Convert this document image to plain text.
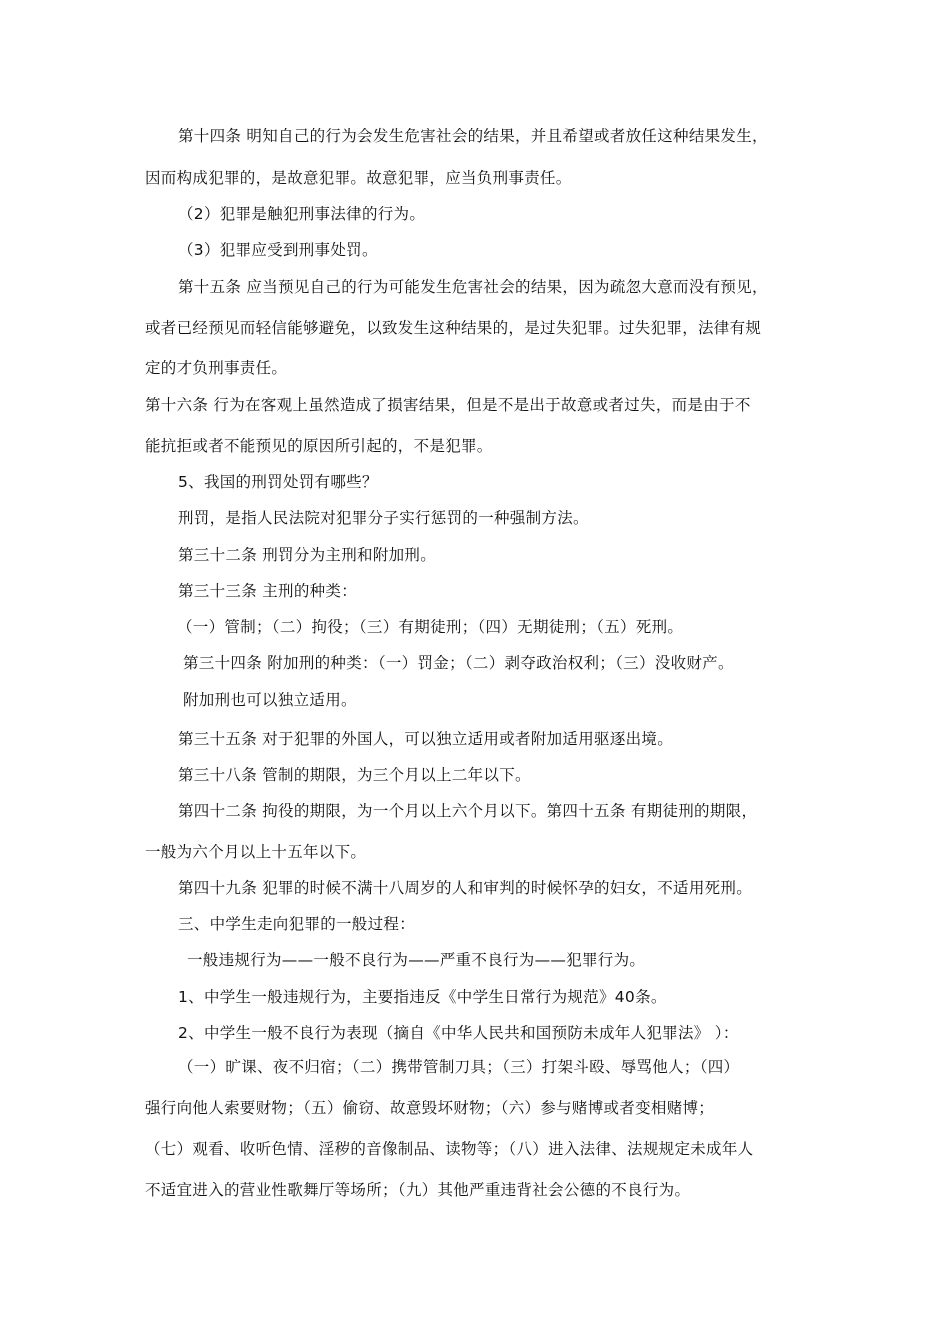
第十四条 明知自己的行为会发生危害社会的结果，并且希望或者放任这种结果发生，
因而构成犯罪的，是故意犯罪。故意犯罪，应当负刑事责任。
（2）犯罪是触犯刑事法律的行为。
（3）犯罪应受到刑事处罚。
第十五条 应当预见自己的行为可能发生危害社会的结果，因为疏忽大意而没有预见，
或者已经预见而轻信能够避免，以致发生这种结果的，是过失犯罪。过失犯罪，法律有规
定的才负刑事责任。
第十六条 行为在客观上虽然造成了损害结果，但是不是出于故意或者过失，而是由于不
能抗拒或者不能预见的原因所引起的，不是犯罪。
5、我国的刑罚处罚有哪些？
刑罚，是指人民法院对犯罪分子实行惩罚的一种强制方法。
第三十二条 刑罚分为主刑和附加刑。
第三十三条 主刑的种类：
（一）管制；（二）拘役；（三）有期徒刑；（四）无期徒刑；（五）死刑。
第三十四条 附加刑的种类：（一）罚金；（二）剥夺政治权利；（三）没收财产。
附加刑也可以独立适用。
第三十五条 对于犯罪的外国人，可以独立适用或者附加适用驱逐出境。
第三十八条 管制的期限，为三个月以上二年以下。
第四十二条 拘役的期限，为一个月以上六个月以下。第四十五条 有期徒刑的期限，
一般为六个月以上十五年以下。
第四十九条 犯罪的时候不满十八周岁的人和审判的时候怀孕的妇女，不适用死刑。
三、中学生走向犯罪的一般过程：
一般违规行为——一般不良行为——严重不良行为——犯罪行为。
1、中学生一般违规行为，主要指违反《中学生日常行为规范》40条。
2、中学生一般不良行为表现（摘自《中华人民共和国预防未成年人犯罪法》 ）：
（一）旷课、夜不归宿；（二）携带管制刀具；（三）打架斗殴、辱骂他人；（四）
强行向他人索要财物；（五）偷窃、故意毁坏财物；（六）参与赌博或者变相赌博；
（七）观看、收听色情、淫秽的音像制品、读物等；（八）进入法律、法规规定未成年人
不适宜进入的营业性歌舞厅等场所；（九）其他严重违背社会公德的不良行为。
